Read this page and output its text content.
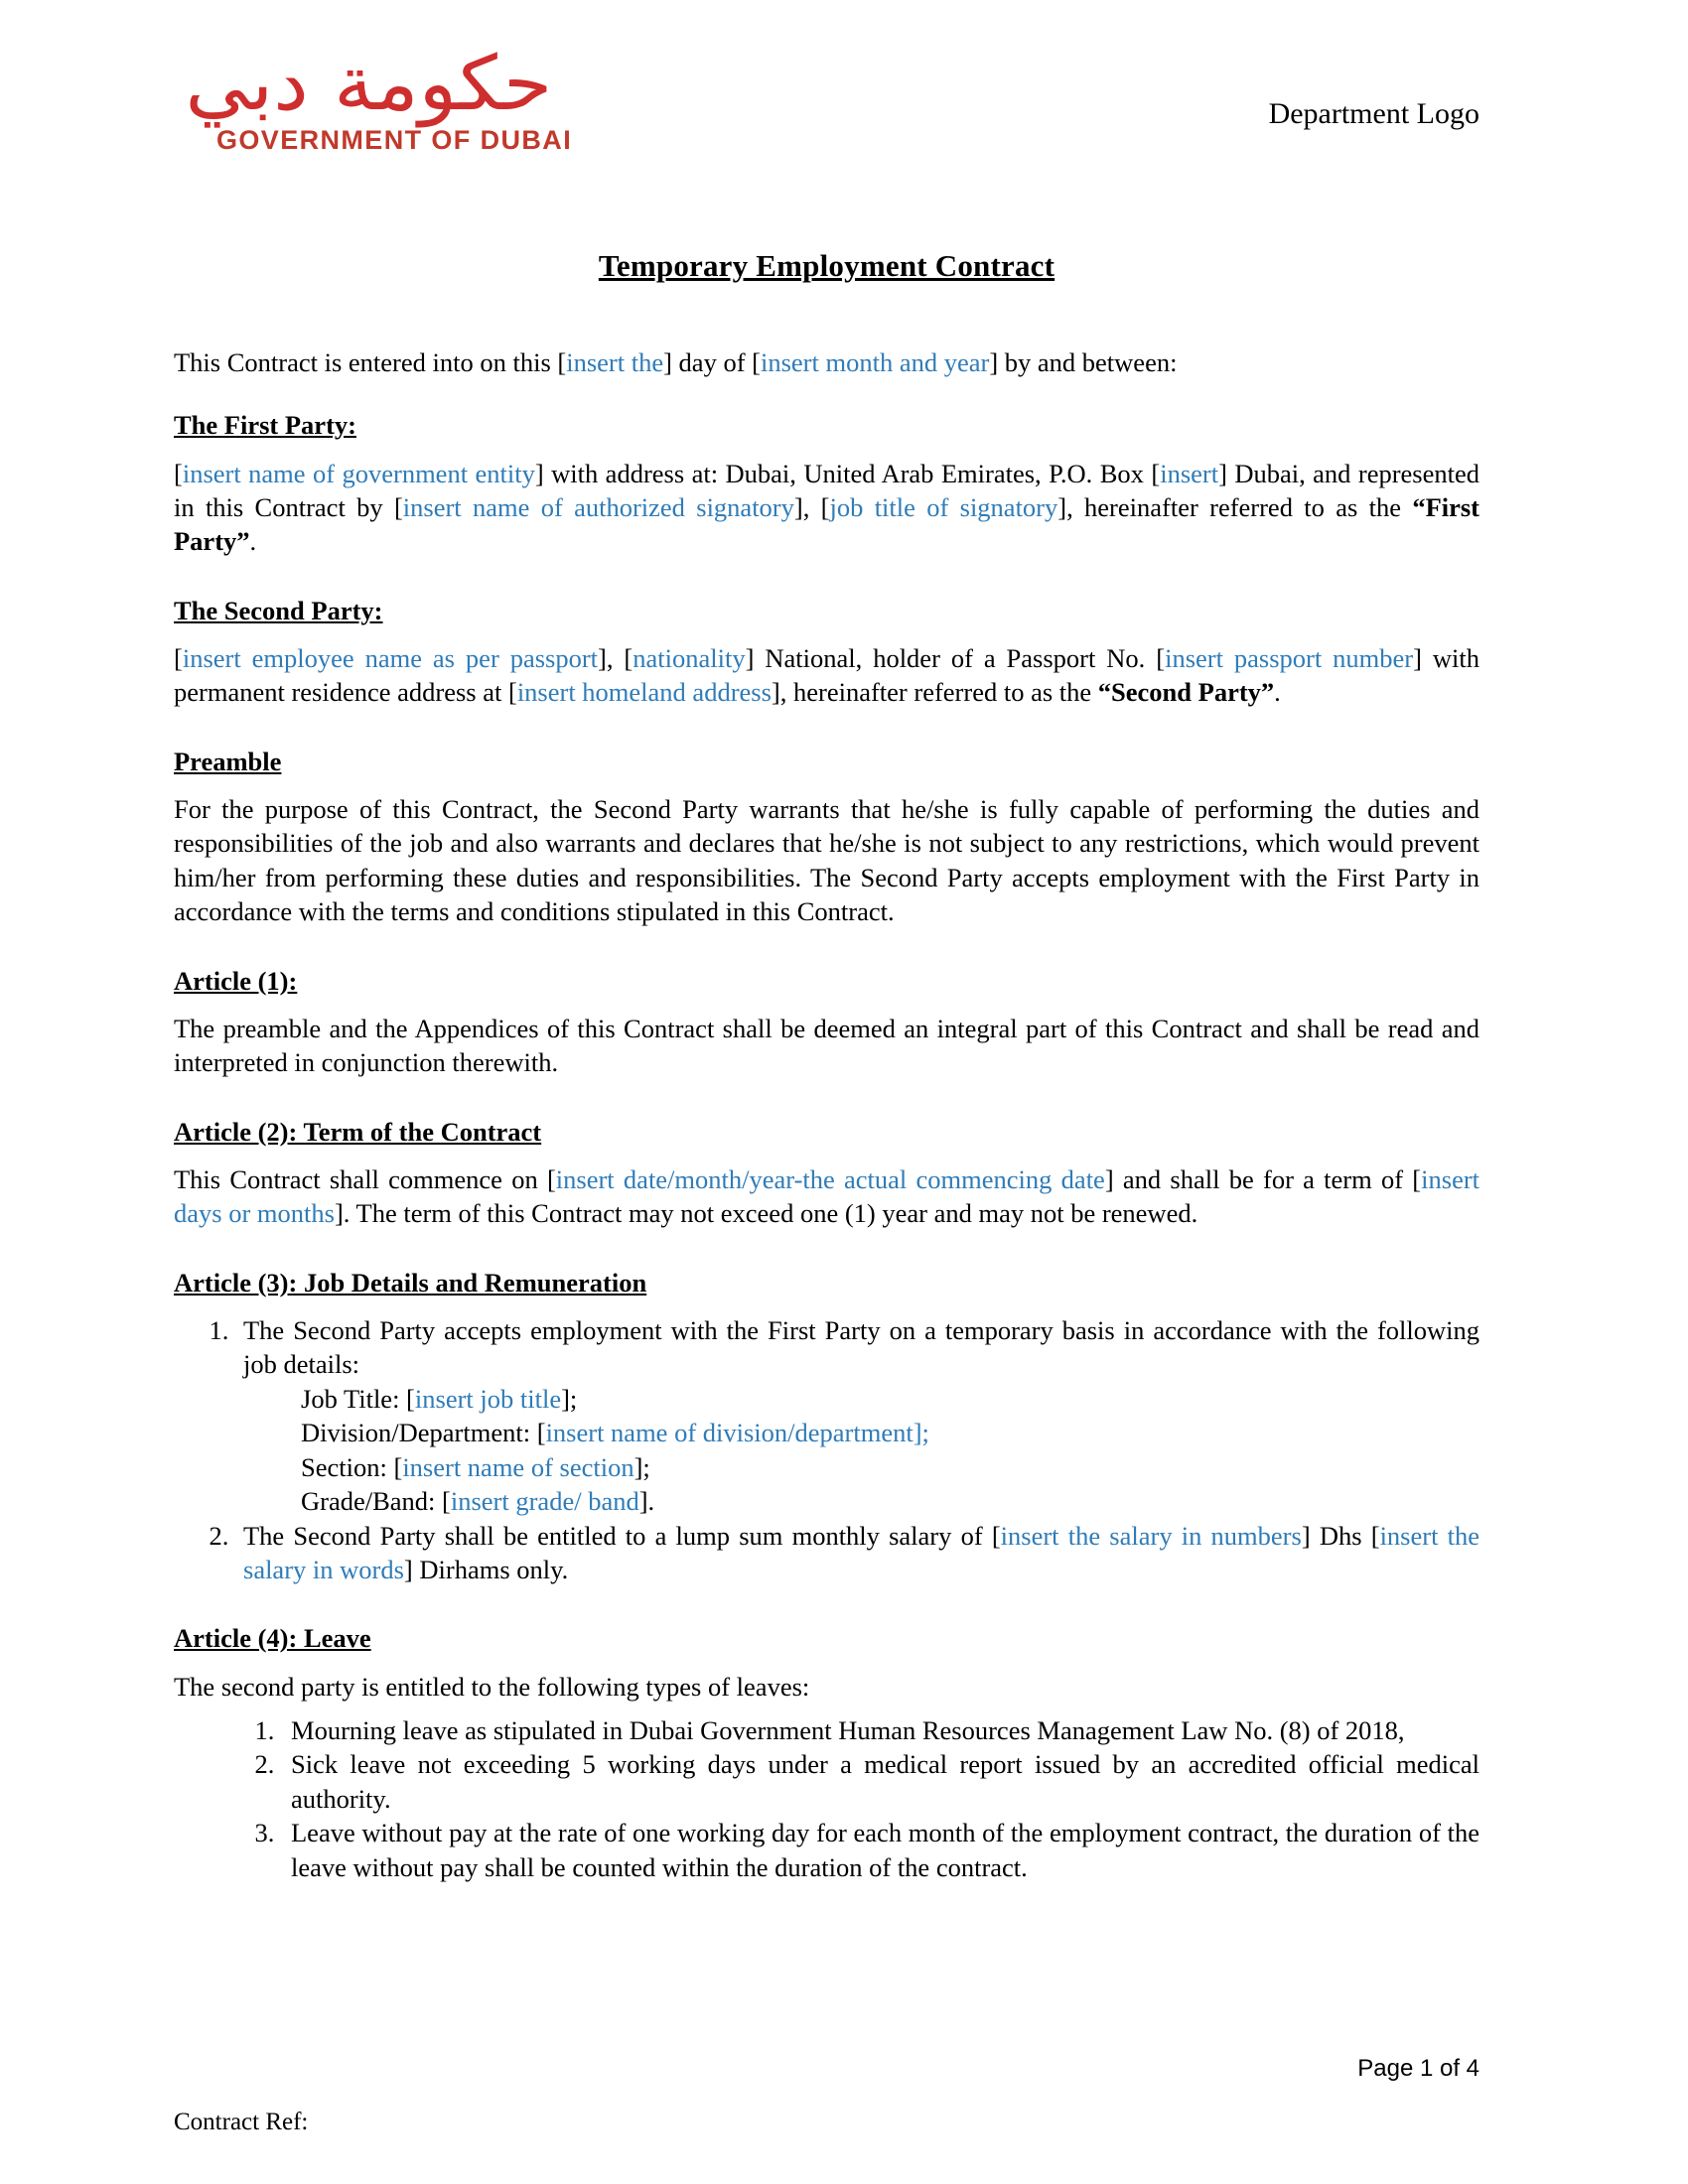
حكومة دبي
GOVERNMENT OF DUBAI
Department Logo
Temporary Employment Contract

This Contract is entered into on this [insert the] day of [insert month and year] by and between:

The First Party:

[insert name of government entity] with address at: Dubai, United Arab Emirates, P.O. Box [insert] Dubai, and represented in this Contract by [insert name of authorized signatory], [job title of signatory], hereinafter referred to as the “First Party”.

The Second Party:

[insert employee name as per passport], [nationality] National, holder of a Passport No. [insert passport number] with permanent residence address at [insert homeland address], hereinafter referred to as the “Second Party”.

Preamble

For the purpose of this Contract, the Second Party warrants that he/she is fully capable of performing the duties and responsibilities of the job and also warrants and declares that he/she is not subject to any restrictions, which would prevent him/her from performing these duties and responsibilities. The Second Party accepts employment with the First Party in accordance with the terms and conditions stipulated in this Contract.

Article (1):

The preamble and the Appendices of this Contract shall be deemed an integral part of this Contract and shall be read and interpreted in conjunction therewith.

Article (2): Term of the Contract

This Contract shall commence on [insert date/month/year-the actual commencing date] and shall be for a term of [insert days or months]. The term of this Contract may not exceed one (1) year and may not be renewed.

Article (3): Job Details and Remuneration
1. The Second Party accepts employment with the First Party on a temporary basis in accordance with the following job details:
Job Title: [insert job title];
Division/Department: [insert name of division/department];
Section: [insert name of section];
Grade/Band: [insert grade/ band].
2. The Second Party shall be entitled to a lump sum monthly salary of [insert the salary in numbers] Dhs [insert the salary in words] Dirhams only.
Article (4): Leave

The second party is entitled to the following types of leaves:

1. Mourning leave as stipulated in Dubai Government Human Resources Management Law No. (8) of 2018,
2. Sick leave not exceeding 5 working days under a medical report issued by an accredited official medical authority.
3. Leave without pay at the rate of one working day for each month of the employment contract, the duration of the leave without pay shall be counted within the duration of the contract.
Page 1 of 4
Contract Ref:
